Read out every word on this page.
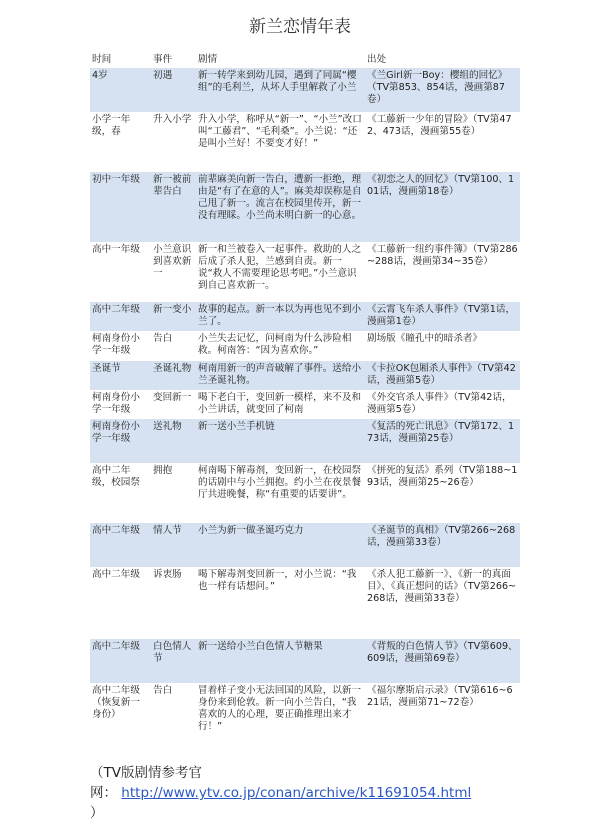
新兰恋情年表
时间	事件	剧情	出处
4岁	初遇	新一转学来到幼儿园，遇到了同属“樱组”的毛利兰，从坏人手里解救了小兰	《兰Girl新一Boy：樱组的回忆》（TV第853、854话，漫画第87卷）
小学一年级，春	升入小学	升入小学，称呼从“新一”、“小兰”改口叫“工藤君”、“毛利桑”。小兰说：“还是叫小兰好！不要变才好！”	《工藤新一少年的冒险》（TV第472、473话，漫画第55卷）
初中一年级	新一被前辈告白	前辈麻美向新一告白，遭新一拒绝，理由是“有了在意的人”。麻美却误称是自己甩了新一。流言在校园里传开，新一没有理睬。小兰尚未明白新一的心意。	《初恋之人的回忆》（TV第100、101话，漫画第18卷）
高中一年级	小兰意识到喜欢新一	新一和兰被卷入一起事件。救助的人之后成了杀人犯，兰感到自责。新一说“救人不需要理论思考吧。”小兰意识到自己喜欢新一。	《工藤新一纽约事件簿》（TV第286~288话，漫画第34~35卷）
高中二年级	新一变小	故事的起点。新一本以为再也见不到小兰了。	《云霄飞车杀人事件》（TV第1话，漫画第1卷）
柯南身份小学一年级	告白	小兰失去记忆，问柯南为什么涉险相救。柯南答：“因为喜欢你。”	剧场版《瞳孔中的暗杀者》
圣诞节	圣诞礼物	柯南用新一的声音破解了事件。送给小兰圣诞礼物。	《卡拉OK包厢杀人事件》（TV第42话，漫画第5卷）
柯南身份小学一年级	变回新一	喝下老白干，变回新一模样，来不及和小兰讲话，就变回了柯南	《外交官杀人事件》（TV第42话，漫画第5卷）
柯南身份小学一年级	送礼物	新一送小兰手机链	《复活的死亡讯息》（TV第172、173话，漫画第25卷）
高中二年级，校园祭	拥抱	柯南喝下解毒剂，变回新一，在校园祭的话剧中与小兰拥抱。约小兰在夜景餐厅共进晚餐，称“有重要的话要讲”。	《拼死的复活》系列（TV第188~193话，漫画第25~26卷）
高中二年级	情人节	小兰为新一做圣诞巧克力	《圣诞节的真相》（TV第266~268话，漫画第33卷）
高中二年级	诉衷肠	喝下解毒剂变回新一，对小兰说：“我也一样有话想问。”	《杀人犯工藤新一》、《新一的真面目》、《真正想问的话》（TV第266~268话，漫画第33卷）
高中二年级	白色情人节	新一送给小兰白色情人节糖果	《背叛的白色情人节》（TV第609、609话，漫画第69卷）
高中二年级（恢复新一身份）	告白	冒着样子变小无法回国的风险，以新一身份来到伦敦。新一向小兰告白，“我喜欢的人的心理，要正确推理出来才行！”	《福尔摩斯启示录》（TV第616~621话，漫画第71~72卷）
（TV版剧情参考官
网： http://www.ytv.co.jp/conan/archive/k11691054.html
）
